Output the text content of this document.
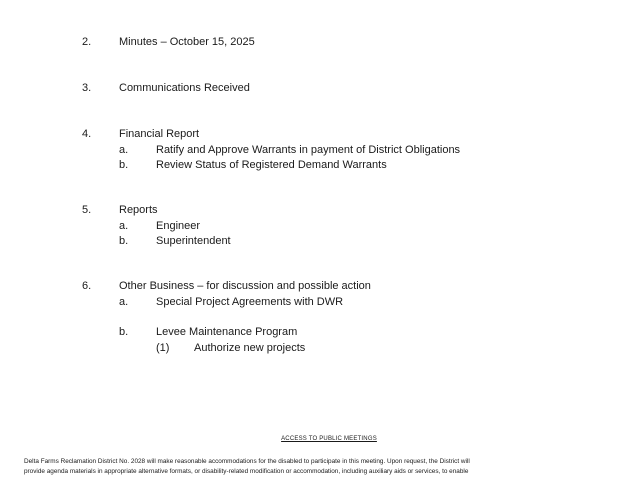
2.	Minutes – October 15, 2025
3.	Communications Received
4.	Financial Report
a.	Ratify and Approve Warrants in payment of District Obligations
b.	Review Status of Registered Demand Warrants
5.	Reports
a.	Engineer
b.	Superintendent
6.	Other Business – for discussion and possible action
a.	Special Project Agreements with DWR
b.	Levee Maintenance Program
(1) Authorize new projects
ACCESS TO PUBLIC MEETINGS
Delta Farms Reclamation District No. 2028 will make reasonable accommodations for the disabled to participate in this meeting. Upon request, the District will
provide agenda materials in appropriate alternative formats, or disability-related modification or accommodation, including auxiliary aids or services, to enable
